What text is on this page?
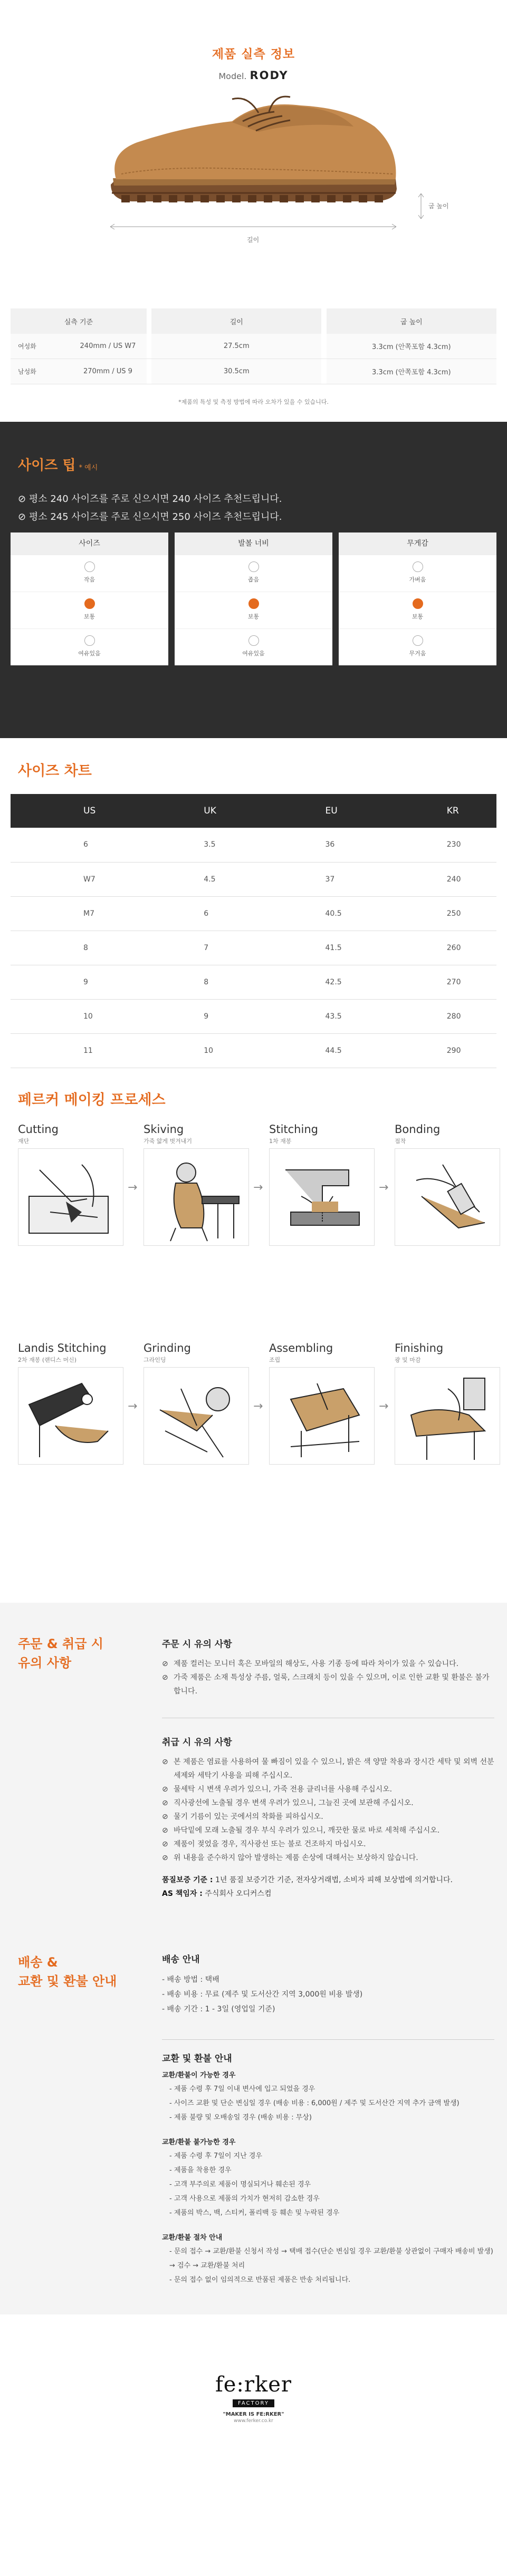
제품 실측 정보
Model. RODY
길이
굽 높이
실측 기준			길이		굽 높이
여성화	240mm / US W7		27.5cm		3.3cm (안쪽포함 4.3cm)
남성화	270mm / US 9		30.5cm		3.3cm (안쪽포함 4.3cm)
*제품의 특성 및 측정 방법에 따라 오차가 있을 수 있습니다.
사이즈 팁 * 예시
⊘ 평소 240 사이즈를 주로 신으시면 240 사이즈 추천드립니다.
⊘ 평소 245 사이즈를 주로 신으시면 250 사이즈 추천드립니다.
사이즈
작음
보통
여유있음
발볼 너비
좁음
보통
여유있음
무게감
가벼움
보통
무거움
사이즈 차트
US	UK	EU	KR
6	3.5	36	230
W7	4.5	37	240
M7	6	40.5	250
8	7	41.5	260
9	8	42.5	270
10	9	43.5	280
11	10	44.5	290

페르커 메이킹 프로세스
Cutting
재단
→
Skiving
가죽 얇게 벗겨내기
→
Stitching
1차 재봉
→
Bonding
접착
Landis Stitching
2차 재봉 (랜디스 머신)
→
Grinding
그라인딩
→
Assembling
조립
→
Finishing
광 및 마감
주문 & 취급 시
유의 사항
주문 시 유의 사항
⊘ 제품 컬러는 모니터 혹은 모바일의 해상도, 사용 기종 등에 따라 차이가 있을 수 있습니다.
⊘ 가죽 제품은 소재 특성상 주름, 얼룩, 스크래치 등이 있을 수 있으며, 이로 인한 교환 및 환불은 불가합니다.
취급 시 유의 사항
⊘ 본 제품은 염료를 사용하여 물 빠짐이 있을 수 있으니, 밝은 색 양말 착용과 장시간 세탁 및 외벽 선분 세제와 세탁기 사용을 피해 주십시오.
⊘ 물세탁 시 변색 우려가 있으니, 가죽 전용 클리너를 사용해 주십시오.
⊘ 직사광선에 노출될 경우 변색 우려가 있으니, 그늘진 곳에 보관해 주십시오.
⊘ 물기 기름이 있는 곳에서의 착화를 피하십시오.
⊘ 바닥밑에 모래 노출될 경우 부식 우려가 있으니, 깨끗한 물로 바로 세척해 주십시오.
⊘ 제품이 젖었을 경우, 직사광선 또는 불로 건조하지 마십시오.
⊘ 위 내용을 준수하지 않아 발생하는 제품 손상에 대해서는 보상하지 않습니다.
품질보증 기준 : 1년 품질 보증기간 기준, 전자상거래법, 소비자 피해 보상법에 의거합니다.
AS 책임자 : 주식회사 오디커스컴
배송 &
교환 및 환불 안내
배송 안내
- 배송 방법 : 택배
- 배송 비용 : 무료 (제주 및 도서산간 지역 3,000원 비용 발생)
- 배송 기간 : 1 - 3일 (영업일 기준)
교환 및 환불 안내
교환/환불이 가능한 경우
- 제품 수령 후 7일 이내 변사에 입고 되었을 경우
- 사이즈 교환 및 단순 변심일 경우 (배송 비용 : 6,000원 / 제주 및 도서산간 지역 추가 금액 발생)
- 제품 불량 및 오배송일 경우 (배송 비용 : 무상)
교환/환불 불가능한 경우
- 제품 수령 후 7일이 지난 경우
- 제품을 착용한 경우
- 고객 부주의로 제품이 명실되거나 훼손된 경우
- 고객 사용으로 제품의 가치가 현저히 감소한 경우
- 제품의 박스, 백, 스티커, 폴리백 등 훼손 및 누락된 경우
교환/환불 절차 안내
- 문의 접수 → 교환/환불 신청서 작성 → 택배 접수(단순 변심일 경우 교환/환불 상관없이 구매자 배송비 발생) → 검수 → 교환/환불 처리
- 문의 접수 없이 임의적으로 반품된 제품은 반송 처리됩니다.
fe:rker
FACTORY
"MAKER IS FE:RKER"
www.ferker.co.kr
